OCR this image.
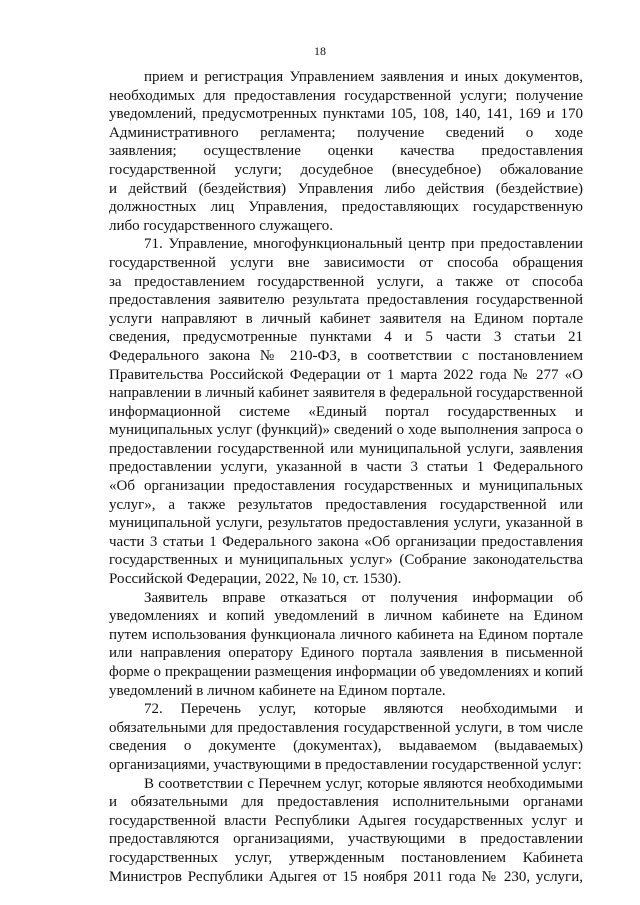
18
прием и регистрация Управлением заявления и иных документов,
необходимых для предоставления государственной услуги; получение
уведомлений, предусмотренных пунктами 105, 108, 140, 141, 169 и 170
Административного регламента; получение сведений о ходе
заявления; осуществление оценки качества предоставления
государственной услуги; досудебное (внесудебное) обжалование
и действий (бездействия) Управления либо действия (бездействие)
должностных лиц Управления, предоставляющих государственную
либо государственного служащего.
71. Управление, многофункциональный центр при предоставлении
государственной услуги вне зависимости от способа обращения
за предоставлением государственной услуги, а также от способа
предоставления заявителю результата предоставления государственной
услуги направляют в личный кабинет заявителя на Едином портале
сведения, предусмотренные пунктами 4 и 5 части 3 статьи 21
Федерального закона № 210-ФЗ, в соответствии с постановлением
Правительства Российской Федерации от 1 марта 2022 года № 277 «О
направлении в личный кабинет заявителя в федеральной государственной
информационной системе «Единый портал государственных и
муниципальных услуг (функций)» сведений о ходе выполнения запроса о
предоставлении государственной или муниципальной услуги, заявления
предоставлении услуги, указанной в части 3 статьи 1 Федерального
«Об организации предоставления государственных и муниципальных
услуг», а также результатов предоставления государственной или
муниципальной услуги, результатов предоставления услуги, указанной в
части 3 статьи 1 Федерального закона «Об организации предоставления
государственных и муниципальных услуг» (Собрание законодательства
Российской Федерации, 2022, № 10, ст. 1530).
Заявитель вправе отказаться от получения информации об
уведомлениях и копий уведомлений в личном кабинете на Едином
путем использования функционала личного кабинета на Едином портале
или направления оператору Единого портала заявления в письменной
форме о прекращении размещения информации об уведомлениях и копий
уведомлений в личном кабинете на Едином портале.
72. Перечень услуг, которые являются необходимыми и
обязательными для предоставления государственной услуги, в том числе
сведения о документе (документах), выдаваемом (выдаваемых)
организациями, участвующими в предоставлении государственной услуг:
В соответствии с Перечнем услуг, которые являются необходимыми
и обязательными для предоставления исполнительными органами
государственной власти Республики Адыгея государственных услуг и
предоставляются организациями, участвующими в предоставлении
государственных услуг, утвержденным постановлением Кабинета
Министров Республики Адыгея от 15 ноября 2011 года № 230, услуги,
